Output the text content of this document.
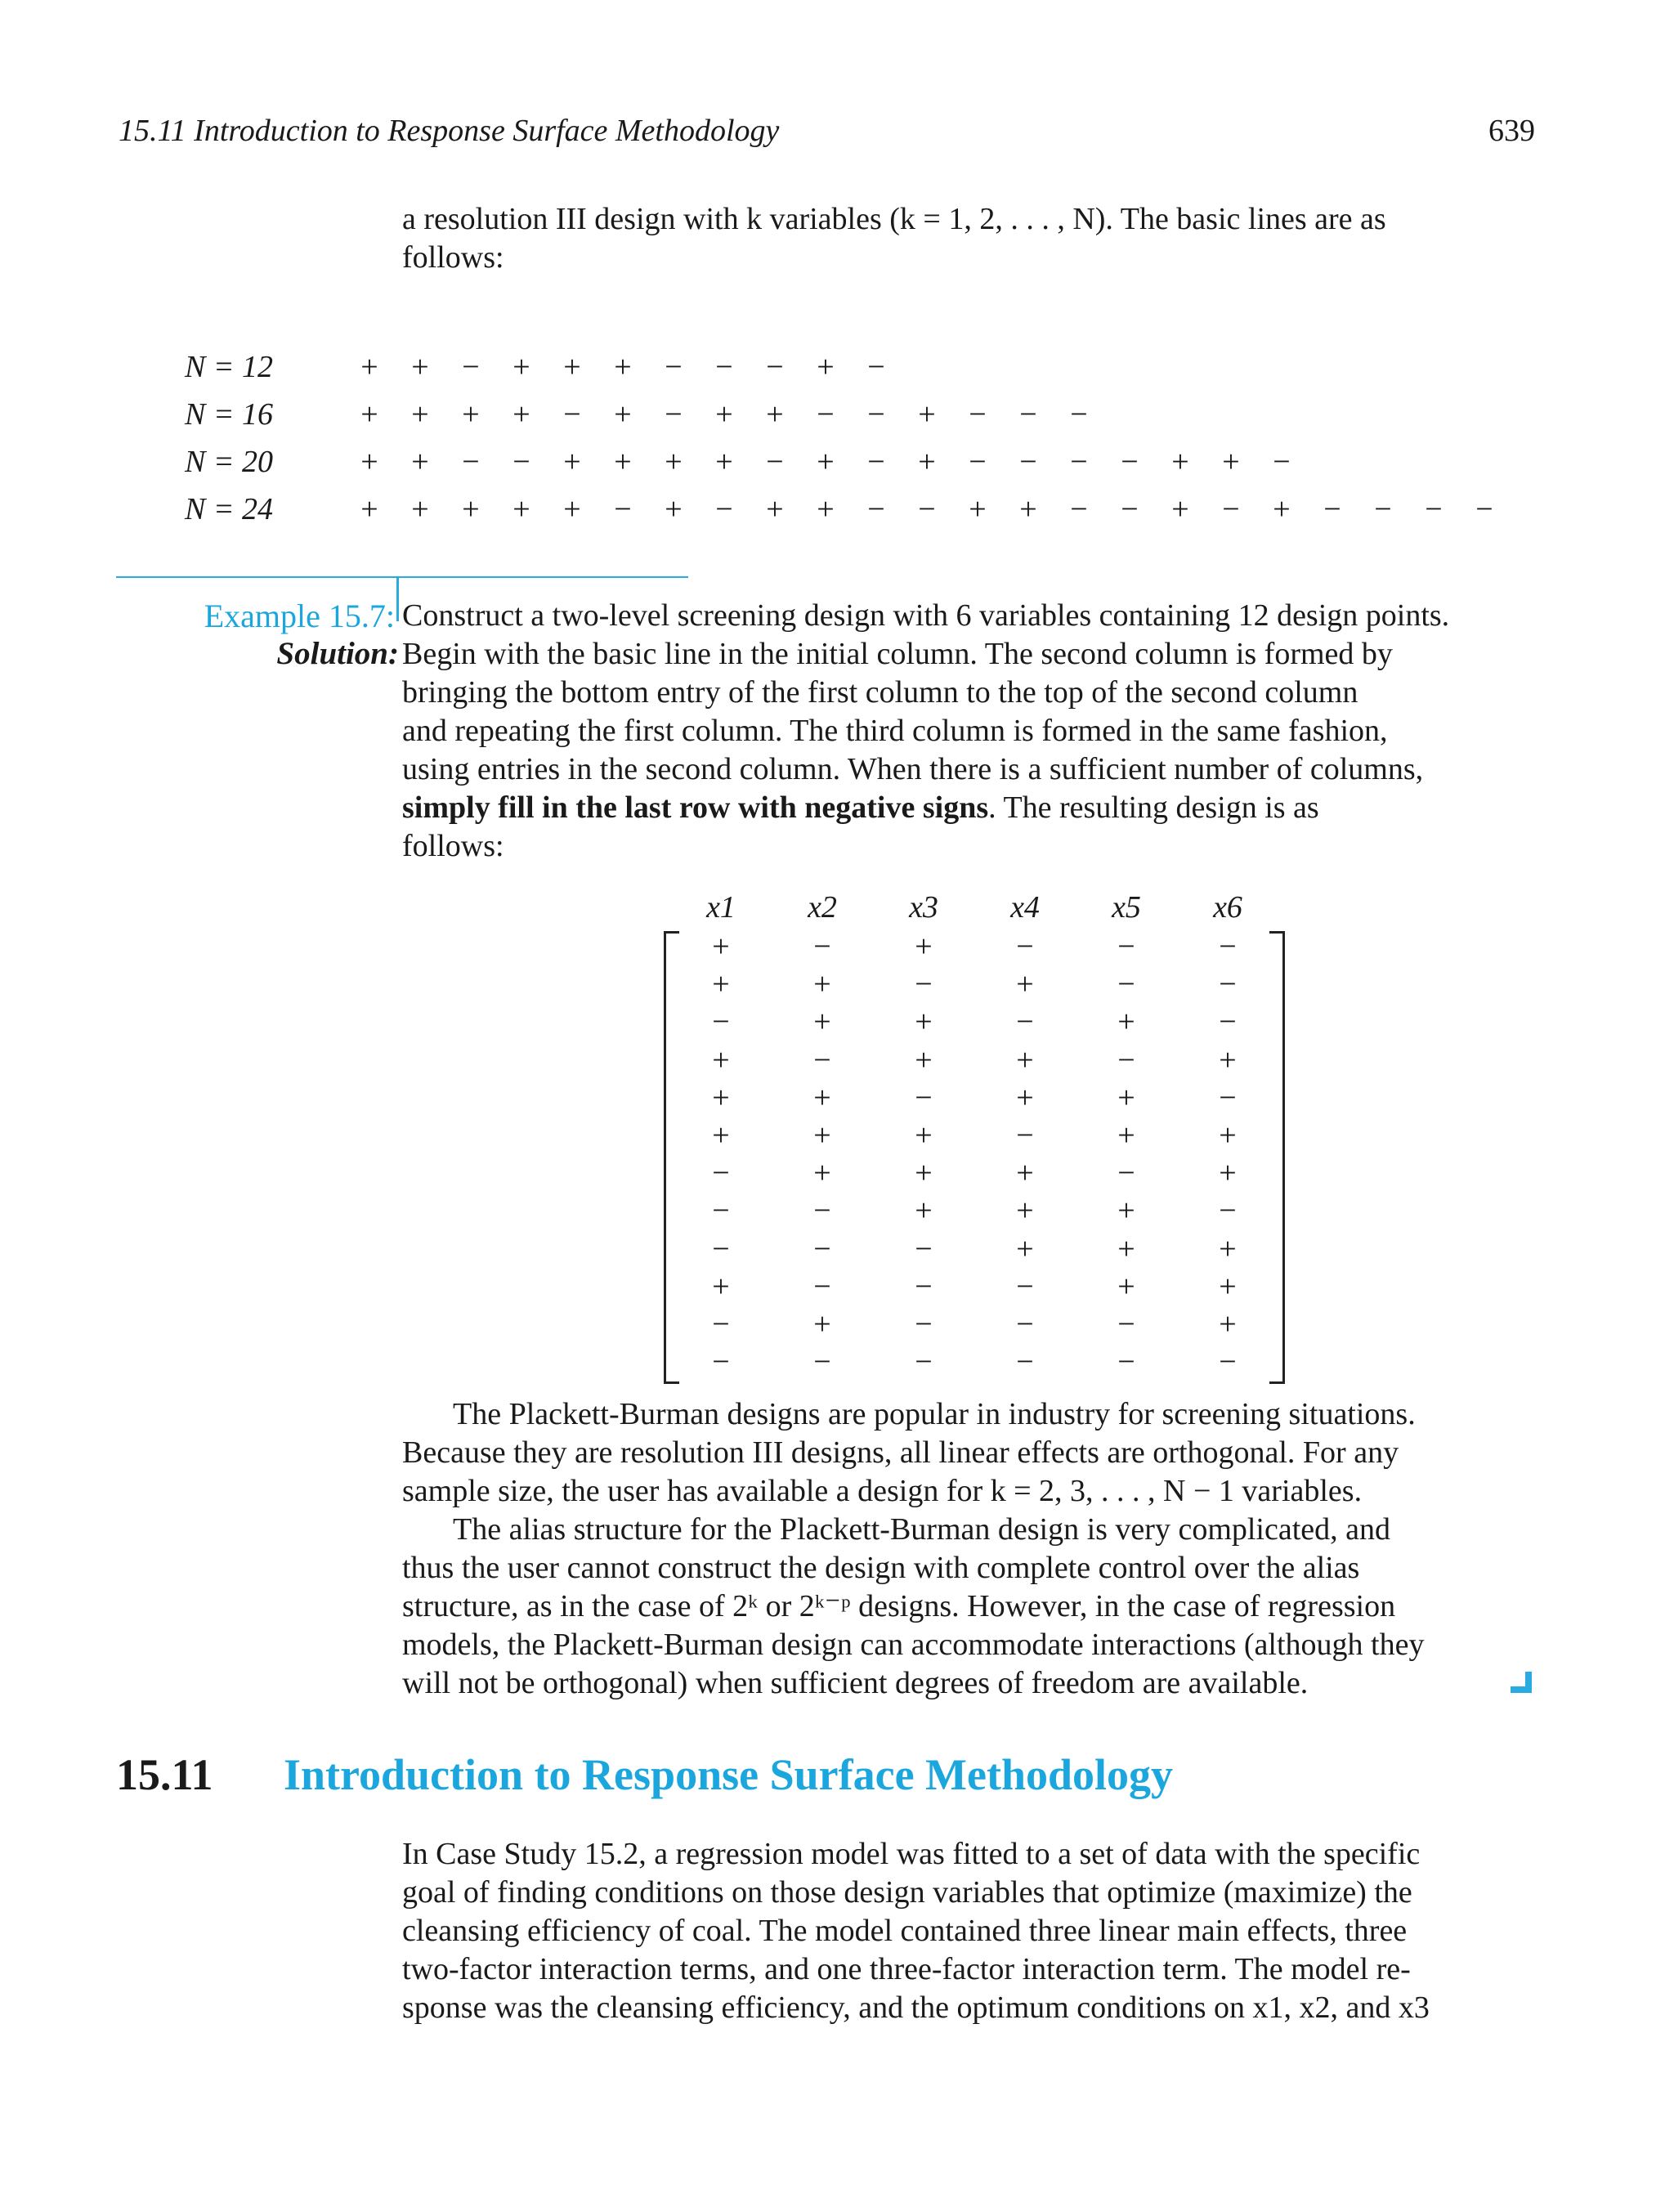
15.11 Introduction to Response Surface Methodology	639
a resolution III design with k variables (k = 1, 2, . . . , N). The basic lines are as
follows:
N = 12	+	+	−	+	+	+	−	−	−	+	−
N = 16	+	+	+	+	−	+	−	+	+	−	−	+	−	−	−
N = 20	+	+	−	−	+	+	+	+	−	+	−	+	−	−	−	−	+	+	−
N = 24	+	+	+	+	+	−	+	−	+	+	−	−	+	+	−	−	+	−	+	−	−	−	−
Example 15.7: Construct a two-level screening design with 6 variables containing 12 design points.
Solution: Begin with the basic line in the initial column. The second column is formed by
bringing the bottom entry of the first column to the top of the second column
and repeating the first column. The third column is formed in the same fashion,
using entries in the second column. When there is a sufficient number of columns,
simply fill in the last row with negative signs. The resulting design is as
follows:
x1	x2	x3	x4	x5	x6
+	−	+	−	−	−
+	+	−	+	−	−
−	+	+	−	+	−
+	−	+	+	−	+
+	+	−	+	+	−
+	+	+	−	+	+
−	+	+	+	−	+
−	−	+	+	+	−
−	−	−	+	+	+
+	−	−	−	+	+
−	+	−	−	−	+
−	−	−	−	−	−
The Plackett-Burman designs are popular in industry for screening situations.
Because they are resolution III designs, all linear effects are orthogonal. For any
sample size, the user has available a design for k = 2, 3, . . . , N − 1 variables.
The alias structure for the Plackett-Burman design is very complicated, and
thus the user cannot construct the design with complete control over the alias
structure, as in the case of 2ᵏ or 2ᵏ⁻ᵖ designs. However, in the case of regression
models, the Plackett-Burman design can accommodate interactions (although they
will not be orthogonal) when sufficient degrees of freedom are available.
15.11 Introduction to Response Surface Methodology
In Case Study 15.2, a regression model was fitted to a set of data with the specific
goal of finding conditions on those design variables that optimize (maximize) the
cleansing efficiency of coal. The model contained three linear main effects, three
two-factor interaction terms, and one three-factor interaction term. The model re-
sponse was the cleansing efficiency, and the optimum conditions on x1, x2, and x3
